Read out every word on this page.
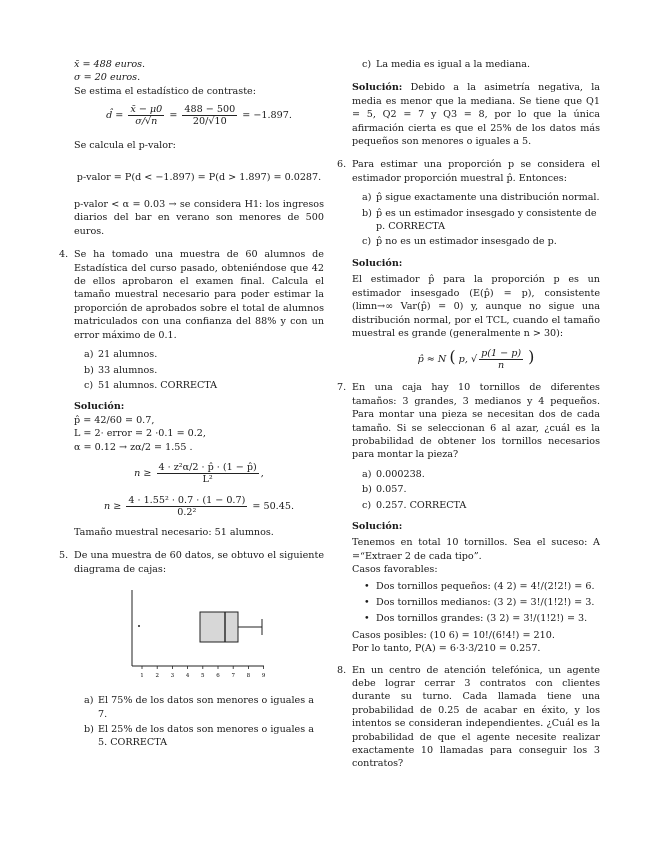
x̄ = 488 euros.

σ = 20 euros.

Se estima el estadístico de contraste:

d̂ = $\frac{x̄ - \mu 0}{\sigma/√n} = \frac{488 - 500}{20/√10} = -1.897$.

Se calcula el p-valor:

p-valor = P(d < −1.897) = P(d > 1.897) = 0.0287.

p-valor < α = 0.03 → se considera H1: los ingresos diarios del bar en verano son menores de 500 euros.

4. Se ha tomado una muestra de 60 alumnos de Estadística del curso pasado, obteniéndose que 42 de ellos aprobaron el examen final. Calcula el tamaño muestral necesario para poder estimar la proporción de aprobados sobre el total de alumnos matriculados con una confianza del 88% y con un error máximo de 0.1.

a) 21 alumnos.
b) 33 alumnos.
c) 51 alumnos. CORRECTA

Solución:

p̂ = 42/60 = 0.7,

L = 2· error = 2 ·0.1 = 0.2,

α = 0.12 → zα/2 = 1.55 .

$n \ge \frac{\text{4 · z²α/2 · p̂ · (1 − p̂)}}{\text{L²}}$ ,
$n \ge \frac{\text{4 · 1.55² · 0.7 · (1 − 0.7)}}{\text{0.2²}} = 50.45$.

Tamaño muestral necesario: 51 alumnos.

5. De una muestra de 60 datos, se obtuvo el siguiente diagrama de cajas:

1 2 3 4 5 6 7 8 9
a) El 75% de los datos son menores o iguales a 7.
b) El 25% de los datos son menores o iguales a 5. CORRECTA
c) La media es igual a la mediana.

Solución: Debido a la asimetría negativa, la media es menor que la mediana. Se tiene que Q1 = 5, Q2 = 7 y Q3 = 8, por lo que la única afirmación cierta es que el 25% de los datos más pequeños son menores o iguales a 5.

6. Para estimar una proporción p se considera el estimador proporción muestral p̂. Entonces:

a) p̂ sigue exactamente una distribución normal.
b) p̂ es un estimador insesgado y consistente de p. CORRECTA
c) p̂ no es un estimador insesgado de p.

Solución:

El estimador p̂ para la proporción p es un estimador insesgado (E(p̂) = p), consistente (limn→∞ Var(p̂) = 0) y, aunque no sigue una distribución normal, por el TCL, cuando el tamaño muestral es grande (generalmente n > 30):

p̂ ≈ N ( p, √ $\frac{p(1 - p)}{n}$ )
7. En una caja hay 10 tornillos de diferentes tamaños: 3 grandes, 3 medianos y 4 pequeños. Para montar una pieza se necesitan dos de cada tamaño. Si se seleccionan 6 al azar, ¿cuál es la probabilidad de obtener los tornillos necesarios para montar la pieza?

a) 0.000238.
b) 0.057.
c) 0.257. CORRECTA

Solución:

Tenemos en total 10 tornillos. Sea el suceso: A =“Extraer 2 de cada tipo”.

Casos favorables:

• Dos tornillos pequeños: (4 2) = 4!/(2!2!) = 6.
• Dos tornillos medianos: (3 2) = 3!/(1!2!) = 3.
• Dos tornillos grandes: (3 2) = 3!/(1!2!) = 3.

Casos posibles: (10 6) = 10!/(6!4!) = 210.

Por lo tanto, P(A) = 6·3·3/210 = 0.257.

8. En un centro de atención telefónica, un agente debe lograr cerrar 3 contratos con clientes durante su turno. Cada llamada tiene una probabilidad de 0.25 de acabar en éxito, y los intentos se consideran independientes. ¿Cuál es la probabilidad de que el agente necesite realizar exactamente 10 llamadas para conseguir los 3 contratos?
